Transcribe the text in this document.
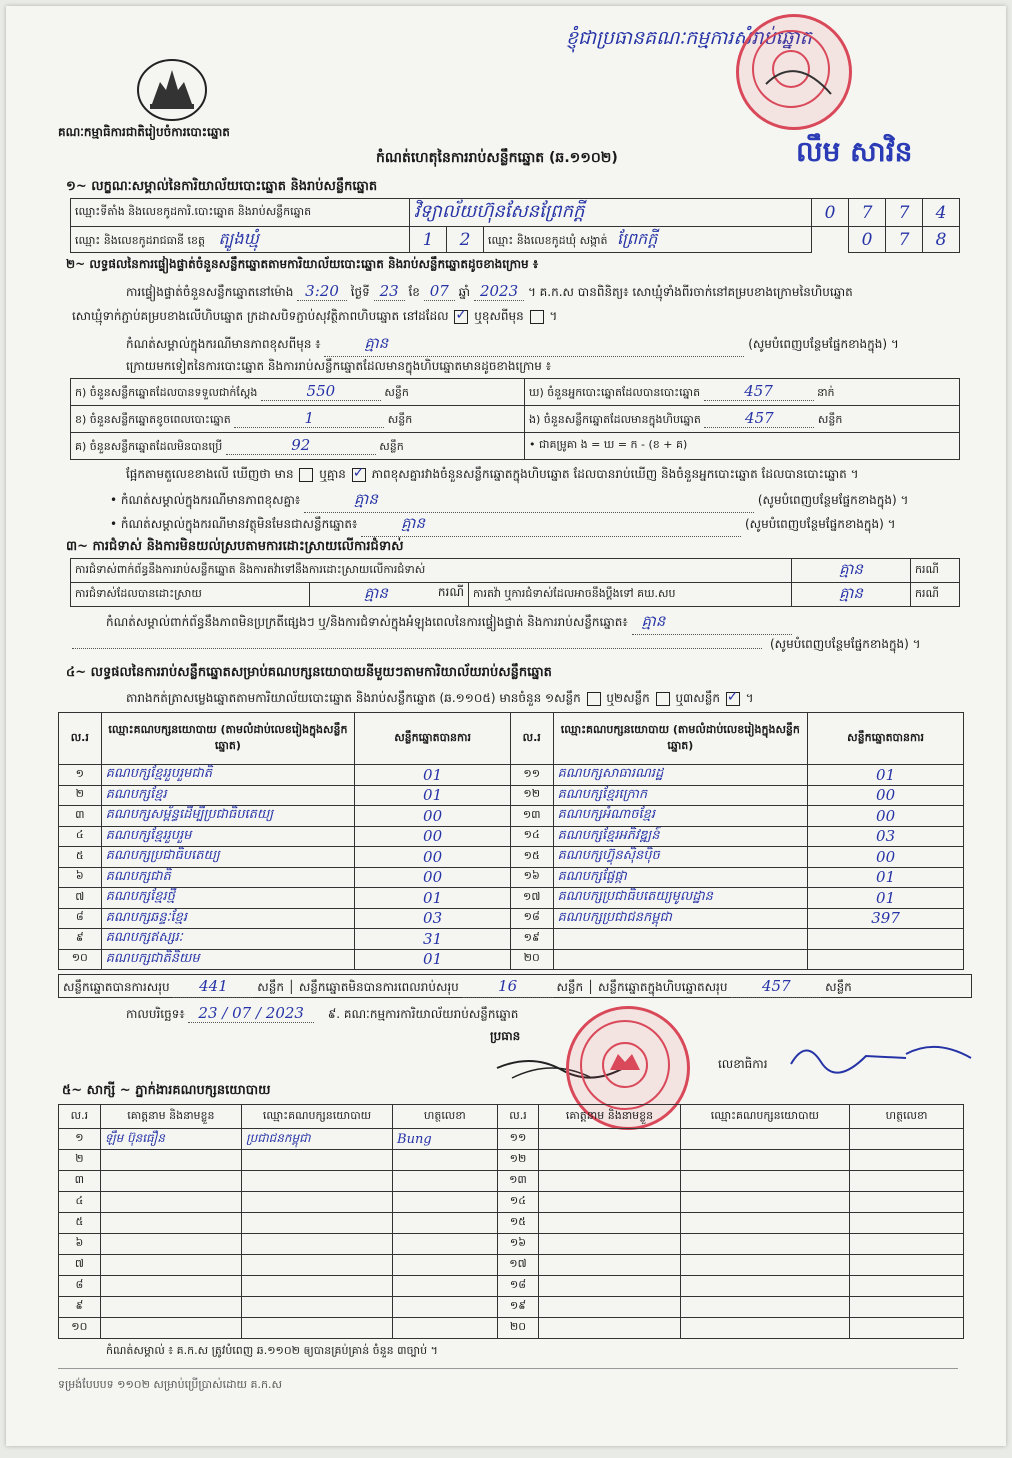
ខ្ញុំជាប្រធានគណៈកម្មការសំរាប់ឆ្នោត
គណៈកម្មាធិការជាតិរៀបចំការបោះឆ្នោត
កំណត់ហេតុនៃការរាប់សន្លឹកឆ្នោត (ឆ.១១០២)	លឹម សាវិន
១~ លក្ខណៈសម្គាល់នៃការិយាល័យបោះឆ្នោត និងរាប់សន្លឹកឆ្នោត
ឈ្មោះទីតាំង និងលេខកូដការិ.បោះឆ្នោត និងរាប់សន្លឹកឆ្នោត	វិទ្យាល័យហ៊ុនសែនព្រែកក្តី			0	7	7	4
ឈ្មោះ និងលេខកូដរាជធានី ខេត្ត ត្បូងឃ្មុំ	1	2	ឈ្មោះ និងលេខកូដឃុំ សង្កាត់ ព្រែកក្តី		0	7	8
២~ លទ្ធផលនៃការផ្ទៀងផ្ទាត់ចំនួនសន្លឹកឆ្នោតតាមការិយាល័យបោះឆ្នោត និងរាប់សន្លឹកឆ្នោតដូចខាងក្រោម ៖
ការផ្ទៀងផ្ទាត់ចំនួនសន្លឹកឆ្នោតនៅម៉ោង 3:20 ថ្ងៃទី 23 ខែ 07 ឆ្នាំ 2023 ។ គ.ក.ស បានពិនិត្យ៖ សោឃ្មុំទាំងពីរចាក់នៅគម្របខាងក្រោមនៃហិបឆ្នោត
សោឃ្មុំទាក់ភ្ជាប់គម្របខាងលើហិបឆ្នោត ក្រដាសបិទភ្ជាប់សុវត្ថិភាពហិបឆ្នោត នៅដដែល ✓ ឬខុសពីមុន  ។
កំណត់សម្គាល់ក្នុងករណីមានភាពខុសពីមុន ៖	គ្មាន	(សូមបំពេញបន្ថែមផ្នែកខាងក្នុង) ។
ក្រោយមកទៀតនៃការបោះឆ្នោត និងការរាប់សន្លឹកឆ្នោតដែលមានក្នុងហិបឆ្នោតមានដូចខាងក្រោម ៖
ក) ចំនួនសន្លឹកឆ្នោតដែលបានទទួលជាក់ស្តែង 550 សន្លឹក	ឃ) ចំនួនអ្នកបោះឆ្នោតដែលបានបោះឆ្នោត 457 នាក់
ខ) ចំនួនសន្លឹកឆ្នោតខូចពេលបោះឆ្នោត 1 សន្លឹក	ង) ចំនួនសន្លឹកឆ្នោតដែលមានក្នុងហិបឆ្នោត 457 សន្លឹក
គ) ចំនួនសន្លឹកឆ្នោតដែលមិនបានប្រើ 92 សន្លឹក	• ជាគម្រូគា ង = ឃ = ក - (ខ + គ)
ផ្អែកតាមតួលេខខាងលើ ឃើញថា មាន ឬគ្មាន ✓ ភាពខុសគ្នារវាងចំនួនសន្លឹកឆ្នោតក្នុងហិបឆ្នោត ដែលបានរាប់ឃើញ និងចំនួនអ្នកបោះឆ្នោត ដែលបានបោះឆ្នោត ។
• កំណត់សម្គាល់ក្នុងករណីមានភាពខុសគ្នា៖	គ្មាន	(សូមបំពេញបន្ថែមផ្នែកខាងក្នុង) ។
• កំណត់សម្គាល់ក្នុងករណីមានវត្ថុមិនមែនជាសន្លឹកឆ្នោត៖	គ្មាន	(សូមបំពេញបន្ថែមផ្នែកខាងក្នុង) ។
៣~ ការជំទាស់ និងការមិនយល់ស្របតាមការដោះស្រាយលើការជំទាស់
ការជំទាស់ពាក់ព័ន្ធនឹងការរាប់សន្លឹកឆ្នោត និងការតវ៉ាទៅនឹងការដោះស្រាយលើការជំទាស់			គ្មាន	ករណី
ការជំទាស់ដែលបានដោះស្រាយ	គ្មាន ករណី	ការតវ៉ា ឬការជំទាស់ដែលអាចនឹងប្តឹងទៅ គឃ.សប	គ្មាន	ករណី
កំណត់សម្គាល់ពាក់ព័ន្ធនឹងភាពមិនប្រក្រតីផ្សេងៗ ឬ/និងការជំទាស់ក្នុងអំឡុងពេលនៃការផ្ទៀងផ្ទាត់ និងការរាប់សន្លឹកឆ្នោត៖ គ្មាន
(សូមបំពេញបន្ថែមផ្នែកខាងក្នុង) ។
៤~ លទ្ធផលនៃការរាប់សន្លឹកឆ្នោតសម្រាប់គណបក្សនយោបាយនីមួយៗតាមការិយាល័យរាប់សន្លឹកឆ្នោត
តារាងកត់ត្រាសម្លេងឆ្នោតតាមការិយាល័យបោះឆ្នោត និងរាប់សន្លឹកឆ្នោត (ឆ.១១០៥) មានចំនួន ១សន្លឹក ឬ២សន្លឹក ឬ៣សន្លឹក ✓ ។
ល.រ	ឈ្មោះគណបក្សនយោបាយ (តាមលំដាប់លេខរៀងក្នុងសន្លឹកឆ្នោត)	សន្លឹកឆ្នោតបានការ	ល.រ	ឈ្មោះគណបក្សនយោបាយ (តាមលំដាប់លេខរៀងក្នុងសន្លឹកឆ្នោត)	សន្លឹកឆ្នោតបានការ
១	គណបក្សខ្មែររួបរួមជាតិ	01	១១	គណបក្សសាធារណរដ្ឋ	01
២	គណបក្សខ្មែរ	01	១២	គណបក្សខ្មែរក្រោក	00
៣	គណបក្សសម្ព័ន្ធដើម្បីប្រជាធិបតេយ្យ	00	១៣	គណបក្សអំណាចខ្មែរ	00
៤	គណបក្សខ្មែររួបរួម	00	១៤	គណបក្សខ្មែរអភិវឌ្ឍន៍	03
៥	គណបក្សប្រជាធិបតេយ្យ	00	១៥	គណបក្សហ៊្វុនស៊ិនប៉ិច	00
៦	គណបក្សជាតិ	00	១៦	គណបក្សផ្លែផ្កា	01
៧	គណបក្សខ្មែរថ្មី	01	១៧	គណបក្សប្រជាធិបតេយ្យមូលដ្ឋាន	01
៨	គណបក្សឆន្ទៈខ្មែរ	03	១៨	គណបក្សប្រជាជនកម្ពុជា	397
៩	គណបក្សឥស្សរៈ	31	១៩		
១០	គណបក្សជាតិនិយម	01	២០		
សន្លឹកឆ្នោតបានការសរុប 441 សន្លឹក │ សន្លឹកឆ្នោតមិនបានការពេលរាប់សរុប	16	សន្លឹក │ សន្លឹកឆ្នោតក្នុងហិបឆ្នោតសរុប 457	សន្លឹក
កាលបរិច្ឆេទ៖ 23 / 07 / 2023 ៩. គណៈកម្មការការិយាល័យរាប់សន្លឹកឆ្នោត
ប្រធាន
លេខាធិការ
៥~ សាក្សី ~ ភ្នាក់ងារគណបក្សនយោបាយ
ល.រ	គោត្តនាម និងនាមខ្លួន	ឈ្មោះគណបក្សនយោបាយ	ហត្ថលេខា	ល.រ	គោត្តនាម និងនាមខ្លួន	ឈ្មោះគណបក្សនយោបាយ	ហត្ថលេខា
១	ឡឹម ប៊ុនធឿន	ប្រជាជនកម្ពុជា	Bung	១១			
២				១២			
៣				១៣			
៤				១៤			
៥				១៥			
៦				១៦			
៧				១៧			
៨				១៨			
៩				១៩			
១០				២០			
កំណត់សម្គាល់ ៖ គ.ក.ស ត្រូវបំពេញ ឆ.១១០២ ឲ្យបានគ្រប់គ្រាន់ ចំនួន ៣ច្បាប់ ។
ទម្រង់បែបបទ ១១០២ សម្រាប់ប្រើប្រាស់ដោយ គ.ក.ស
